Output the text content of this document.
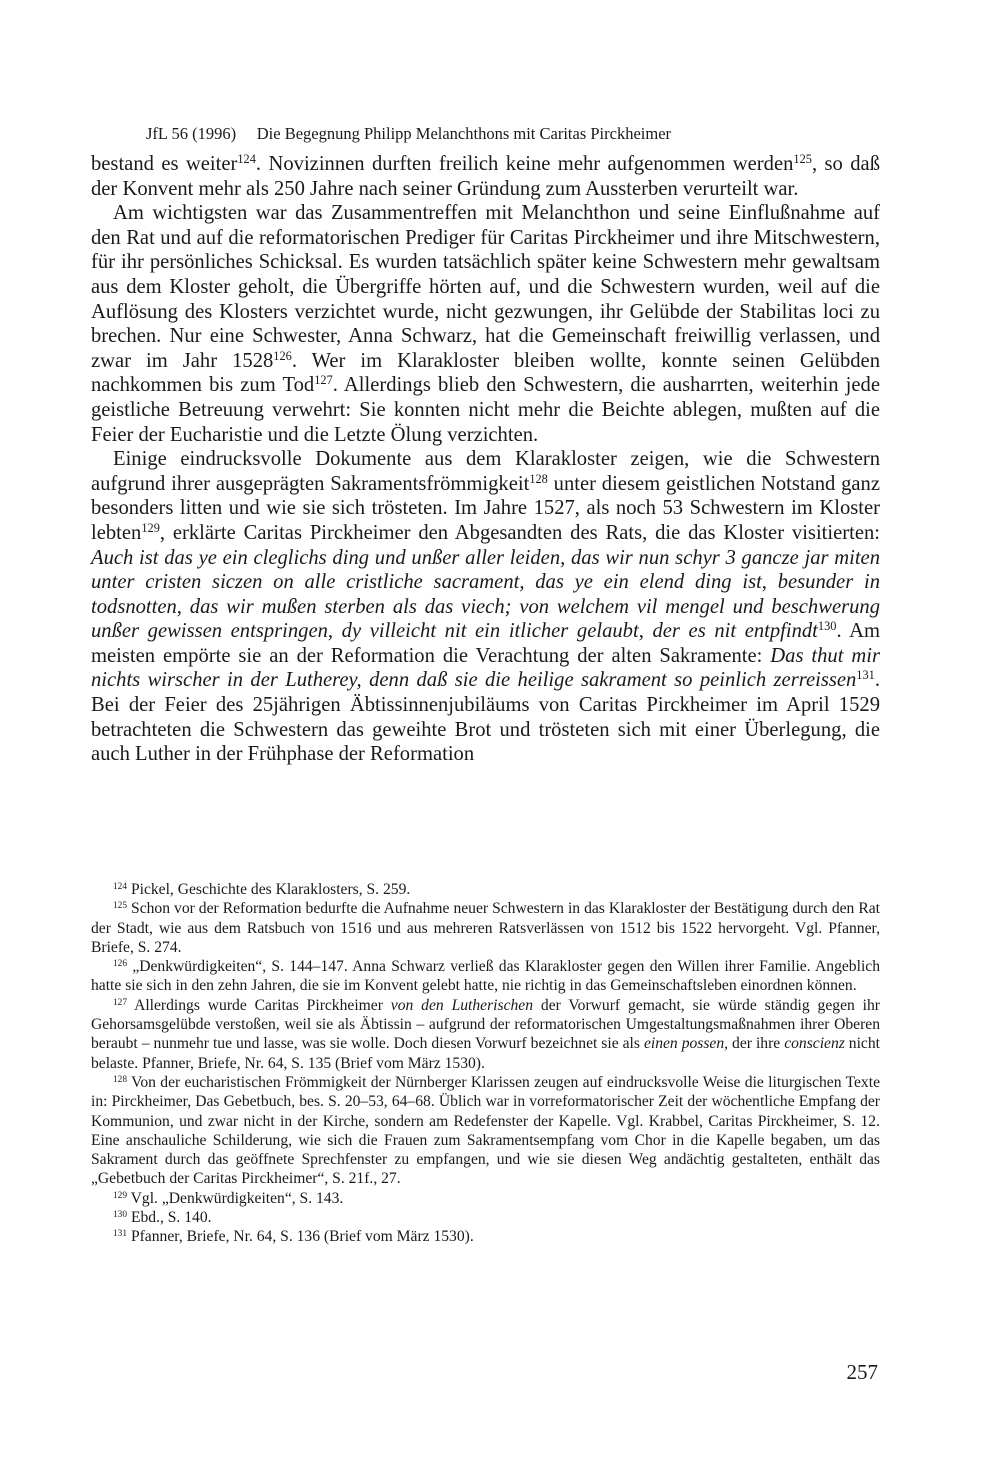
JfL 56 (1996)  Die Begegnung Philipp Melanchthons mit Caritas Pirckheimer

bestand es weiter$^{124}$. Novizinnen durften freilich keine mehr aufgenommen werden$^{125}$, so daß der Konvent mehr als 250 Jahre nach seiner Gründung zum Aussterben verurteilt war.

Am wichtigsten war das Zusammentreffen mit Melanchthon und seine Einflußnahme auf den Rat und auf die reformatorischen Prediger für Caritas Pirckheimer und ihre Mitschwestern, für ihr persönliches Schicksal. Es wurden tatsächlich später keine Schwestern mehr gewaltsam aus dem Kloster geholt, die Übergriffe hörten auf, und die Schwestern wurden, weil auf die Auflösung des Klosters verzichtet wurde, nicht gezwungen, ihr Gelübde der Stabilitas loci zu brechen. Nur eine Schwester, Anna Schwarz, hat die Gemeinschaft freiwillig verlassen, und zwar im Jahr 1528$^{126}$. Wer im Klarakloster bleiben wollte, konnte seinen Gelübden nachkommen bis zum Tod$^{127}$. Allerdings blieb den Schwestern, die ausharrten, weiterhin jede geistliche Betreuung verwehrt: Sie konnten nicht mehr die Beichte ablegen, mußten auf die Feier der Eucharistie und die Letzte Ölung verzichten.

Einige eindrucksvolle Dokumente aus dem Klarakloster zeigen, wie die Schwestern aufgrund ihrer ausgeprägten Sakramentsfrömmigkeit$^{128}$ unter diesem geistlichen Notstand ganz besonders litten und wie sie sich trösteten. Im Jahre 1527, als noch 53 Schwestern im Kloster lebten$^{129}$, erklärte Caritas Pirckheimer den Abgesandten des Rats, die das Kloster visitierten: Auch ist das ye ein cleglichs ding und unßer aller leiden, das wir nun schyr 3 gancze jar miten unter cristen siczen on alle cristliche sacrament, das ye ein elend ding ist, besunder in todsnotten, das wir mußen sterben als das viech; von welchem vil mengel und beschwerung unßer gewissen entspringen, dy villeicht nit ein itlicher gelaubt, der es nit entpfindt$^{130}$. Am meisten empörte sie an der Reformation die Verachtung der alten Sakramente: Das thut mir nichts wirscher in der Lutherey, denn daß sie die heilige sakrament so peinlich zerreissen$^{131}$. Bei der Feier des 25jährigen Äbtissinnenjubiläums von Caritas Pirckheimer im April 1529 betrachteten die Schwestern das geweihte Brot und trösteten sich mit einer Überlegung, die auch Luther in der Frühphase der Reformation

$^{124}$ Pickel, Geschichte des Klaraklosters, S. 259.

$^{125}$ Schon vor der Reformation bedurfte die Aufnahme neuer Schwestern in das Klarakloster der Bestätigung durch den Rat der Stadt, wie aus dem Ratsbuch von 1516 und aus mehreren Ratsverlässen von 1512 bis 1522 hervorgeht. Vgl. Pfanner, Briefe, S. 274.

$^{126}$ „Denkwürdigkeiten“, S. 144–147. Anna Schwarz verließ das Klarakloster gegen den Willen ihrer Familie. Angeblich hatte sie sich in den zehn Jahren, die sie im Konvent gelebt hatte, nie richtig in das Gemeinschaftsleben einordnen können.

$^{127}$ Allerdings wurde Caritas Pirckheimer von den Lutherischen der Vorwurf gemacht, sie würde ständig gegen ihr Gehorsamsgelübde verstoßen, weil sie als Äbtissin – aufgrund der reformatorischen Umgestaltungsmaßnahmen ihrer Oberen beraubt – nunmehr tue und lasse, was sie wolle. Doch diesen Vorwurf bezeichnet sie als einen possen, der ihre conscienz nicht belaste. Pfanner, Briefe, Nr. 64, S. 135 (Brief vom März 1530).

$^{128}$ Von der eucharistischen Frömmigkeit der Nürnberger Klarissen zeugen auf eindrucksvolle Weise die liturgischen Texte in: Pirckheimer, Das Gebetbuch, bes. S. 20–53, 64–68. Üblich war in vorreformatorischer Zeit der wöchentliche Empfang der Kommunion, und zwar nicht in der Kirche, sondern am Redefenster der Kapelle. Vgl. Krabbel, Caritas Pirckheimer, S. 12. Eine anschauliche Schilderung, wie sich die Frauen zum Sakramentsempfang vom Chor in die Kapelle begaben, um das Sakrament durch das geöffnete Sprechfenster zu empfangen, und wie sie diesen Weg andächtig gestalteten, enthält das „Gebetbuch der Caritas Pirckheimer“, S. 21f., 27.

$^{129}$ Vgl. „Denkwürdigkeiten“, S. 143.

$^{130}$ Ebd., S. 140.

$^{131}$ Pfanner, Briefe, Nr. 64, S. 136 (Brief vom März 1530).

257
